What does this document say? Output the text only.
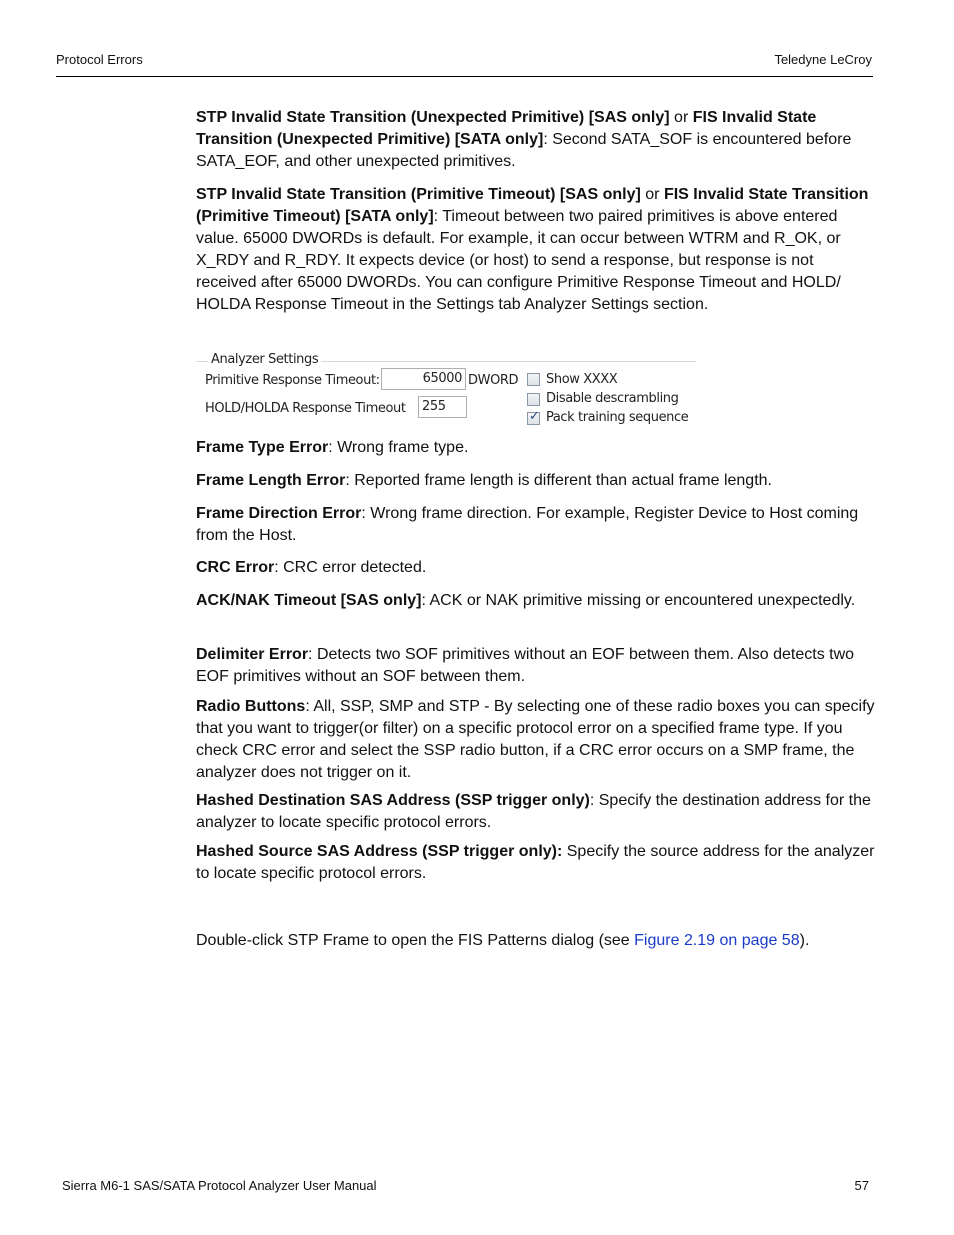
Protocol Errors	Teledyne LeCroy

STP Invalid State Transition (Unexpected Primitive) [SAS only] or FIS Invalid State Transition (Unexpected Primitive) [SATA only]: Second SATA_SOF is encountered before SATA_EOF, and other unexpected primitives.

STP Invalid State Transition (Primitive Timeout) [SAS only] or FIS Invalid State Transition (Primitive Timeout) [SATA only]: Timeout between two paired primitives is above entered value. 65000 DWORDs is default. For example, it can occur between WTRM and R_OK, or X_RDY and R_RDY. It expects device (or host) to send a response, but response is not received after 65000 DWORDs. You can configure Primitive Response Timeout and HOLD/ HOLDA Response Timeout in the Settings tab Analyzer Settings section.

Analyzer Settings
Primitive Response Timeout:	65000 DWORD
HOLD/HOLDA Response Timeout	255
Show XXXX
Disable descrambling
✓ Pack training sequence

Frame Type Error: Wrong frame type.

Frame Length Error: Reported frame length is different than actual frame length.

Frame Direction Error: Wrong frame direction. For example, Register Device to Host coming from the Host.

CRC Error: CRC error detected.

ACK/NAK Timeout [SAS only]: ACK or NAK primitive missing or encountered unexpectedly.

Delimiter Error: Detects two SOF primitives without an EOF between them. Also detects two EOF primitives without an SOF between them.

Radio Buttons: All, SSP, SMP and STP - By selecting one of these radio boxes you can specify that you want to trigger(or filter) on a specific protocol error on a specified frame type. If you check CRC error and select the SSP radio button, if a CRC error occurs on a SMP frame, the analyzer does not trigger on it.

Hashed Destination SAS Address (SSP trigger only): Specify the destination address for the analyzer to locate specific protocol errors.

Hashed Source SAS Address (SSP trigger only): Specify the source address for the analyzer to locate specific protocol errors.

Double-click STP Frame to open the FIS Patterns dialog (see Figure 2.19 on page 58).

Sierra M6-1 SAS/SATA Protocol Analyzer User Manual	57
